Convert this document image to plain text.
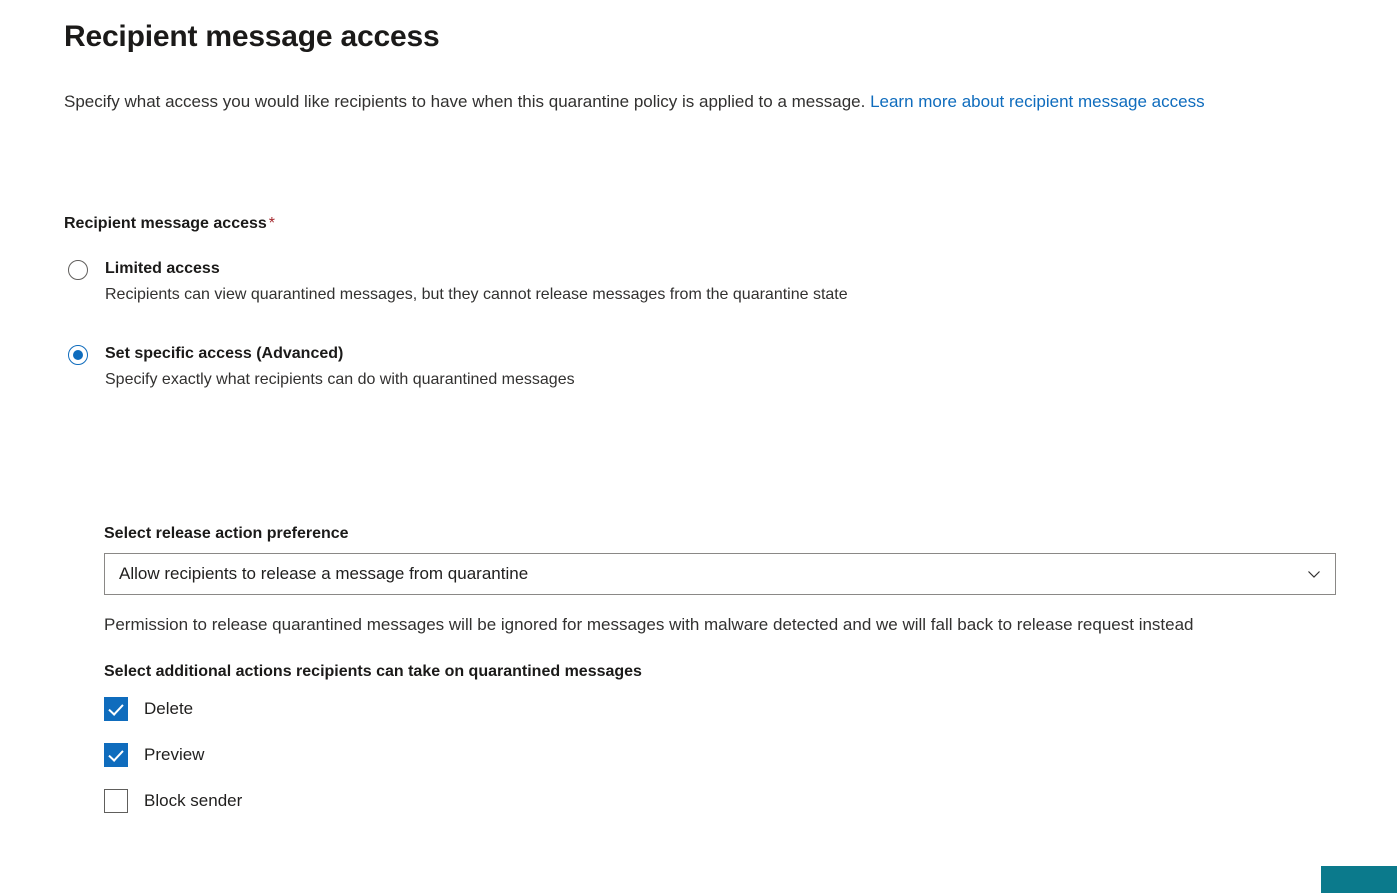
Recipient message access
Specify what access you would like recipients to have when this quarantine policy is applied to a message. Learn more about recipient message access
Recipient message access *
Limited access
Recipients can view quarantined messages, but they cannot release messages from the quarantine state
Set specific access (Advanced)
Specify exactly what recipients can do with quarantined messages
Select release action preference
Allow recipients to release a message from quarantine
Permission to release quarantined messages will be ignored for messages with malware detected and we will fall back to release request instead
Select additional actions recipients can take on quarantined messages
Delete
Preview
Block sender
